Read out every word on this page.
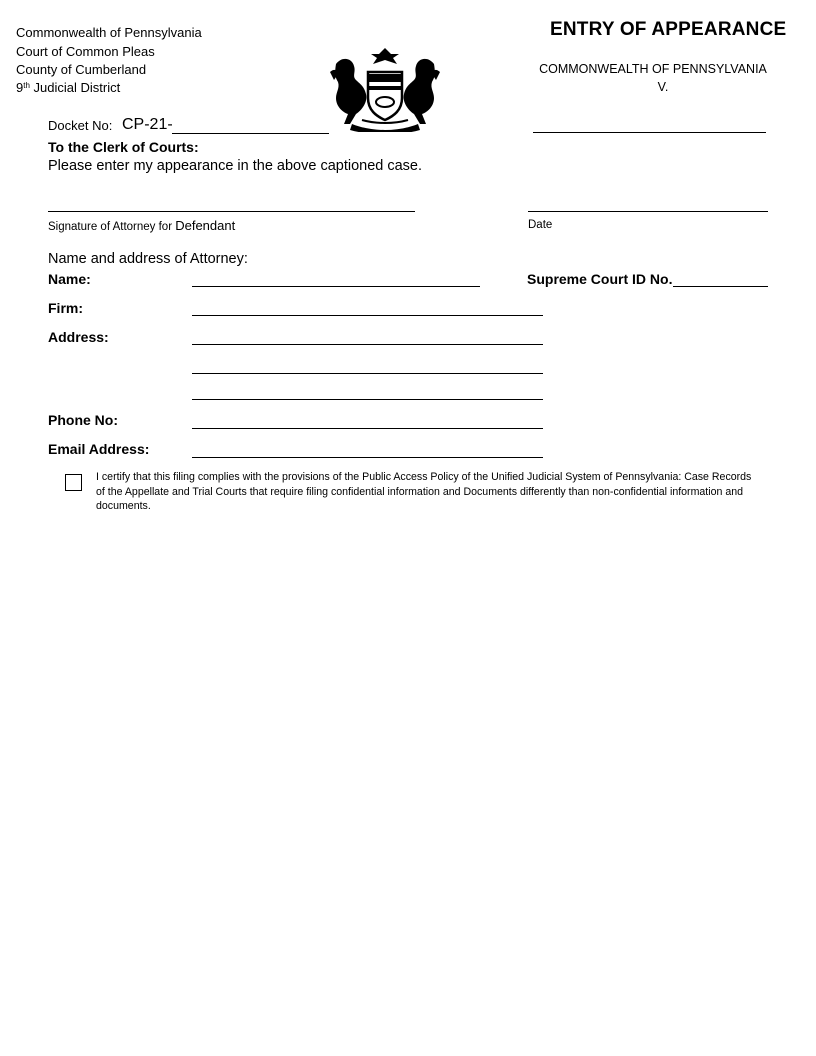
Commonwealth of Pennsylvania
Court of Common Pleas
County of Cumberland
9th Judicial District
ENTRY OF APPEARANCE
COMMONWEALTH OF PENNSYLVANIA
V.
Docket No: CP-21-
To the Clerk of Courts:
Please enter my appearance in the above captioned case.
Signature of Attorney for Defendant	Date
Name and address of Attorney:
Name:	Supreme Court ID No.
Firm:
Address:
Phone No:
Email Address:
I certify that this filing complies with the provisions of the Public Access Policy of the Unified Judicial System of Pennsylvania: Case Records of the Appellate and Trial Courts that require filing confidential information and Documents differently than non-confidential information and documents.
